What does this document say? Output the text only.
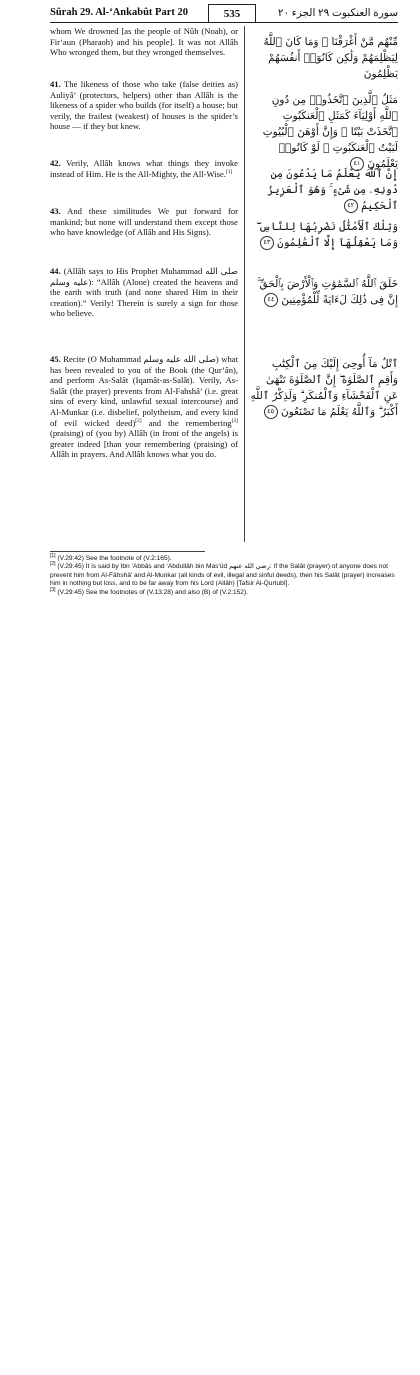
Sûrah 29. Al-‘Ankabût Part 20	535	سورة العنكبوت ٢٩ الجزء ٢٠

whom We drowned [as the people of Nûh (Noah), or Fir‘aun (Pharaoh) and his people]. It was not Allâh Who wronged them, but they wronged themselves.

41. The likeness of those who take (false deities as) Auliyâ’ (protectors, helpers) other than Allâh is the likeness of a spider who builds (for itself) a house; but verily, the frailest (weakest) of houses is the spider’s house — if they but knew.

42. Verily, Allâh knows what things they invoke instead of Him. He is the All-Mighty, the All-Wise.[1]

43. And these similitudes We put forward for mankind; but none will understand them except those who have knowledge (of Allâh and His Signs).

44. (Allâh says to His Prophet Muhammad صلى الله عليه وسلم): “Allâh (Alone) created the heavens and the earth with truth (and none shared Him in their creation).” Verily! Therein is surely a sign for those who believe.

45. Recite (O Muhammad صلى الله عليه وسلم) what has been revealed to you of the Book (the Qur’ân), and perform As-Salât (Iqamât-as-Salât). Verily, As-Salât (the prayer) prevents from Al-Fahshâ’ (i.e. great sins of every kind, unlawful sexual intercourse) and Al-Munkar (i.e. disbelief, polytheism, and every kind of evil wicked deed)[2] and the remembering[3] (praising) of (you by) Allâh (in front of the angels) is greater indeed [than your remembering (praising) of Allâh in prayers. And Allâh knows what you do.

مِّنْهُم مَّنْ أَغْرَقْنَا ۚ وَمَا كَانَ ٱللَّهُ لِيَظْلِمَهُمْ وَلَٰكِن كَانُوٓا۟ أَنفُسَهُمْ يَظْلِمُونَ

مَثَلُ ٱلَّذِينَ ٱتَّخَذُوا۟ مِن دُونِ ٱللَّهِ أَوْلِيَآءَ كَمَثَلِ ٱلْعَنكَبُوتِ ٱتَّخَذَتْ بَيْتًا ۖ وَإِنَّ أَوْهَنَ ٱلْبُيُوتِ لَبَيْتُ ٱلْعَنكَبُوتِ ۖ لَوْ كَانُوا۟ يَعْلَمُونَ ٤١

إِنَّ ٱللَّهَ يَعْلَمُ مَا يَدْعُونَ مِن دُونِهِۦ مِن شَىْءٍ ۚ وَهُوَ ٱلْعَزِيزُ ٱلْحَكِيمُ ٤٢

وَتِلْكَ ٱلْأَمْثَٰلُ نَضْرِبُهَا لِلنَّاسِ ۖ وَمَا يَعْقِلُهَآ إِلَّا ٱلْعَٰلِمُونَ ٤٣

خَلَقَ ٱللَّهُ ٱلسَّمَٰوَٰتِ وَٱلْأَرْضَ بِٱلْحَقِّ ۚ إِنَّ فِى ذَٰلِكَ لَءَايَةً لِّلْمُؤْمِنِينَ ٤٤

ٱتْلُ مَآ أُوحِىَ إِلَيْكَ مِنَ ٱلْكِتَٰبِ وَأَقِمِ ٱلصَّلَوٰةَ ۖ إِنَّ ٱلصَّلَوٰةَ تَنْهَىٰ عَنِ ٱلْفَحْشَآءِ وَٱلْمُنكَرِ ۗ وَلَذِكْرُ ٱللَّهِ أَكْبَرُ ۗ وَٱللَّهُ يَعْلَمُ مَا تَصْنَعُونَ ٤٥

[1] (V.29:42) See the footnote of (V.2:165).
[2] (V.29:45) It is said by Ibn ‘Abbâs and ‘Abdullâh bin Mas‘ûd رضي الله عنهم: If the Salât (prayer) of anyone does not prevent him from Al-Fâhshâ’ and Al-Munkar (all kinds of evil, illegal and sinful deeds), then his Salât (prayer) increases him in nothing but loss, and to be far away from his Lord (Allâh) [Tafsir Al-Qurtubî].
[3] (V.29:45) See the footnotes of (V.13:28) and also (B) of (V.2:152).
